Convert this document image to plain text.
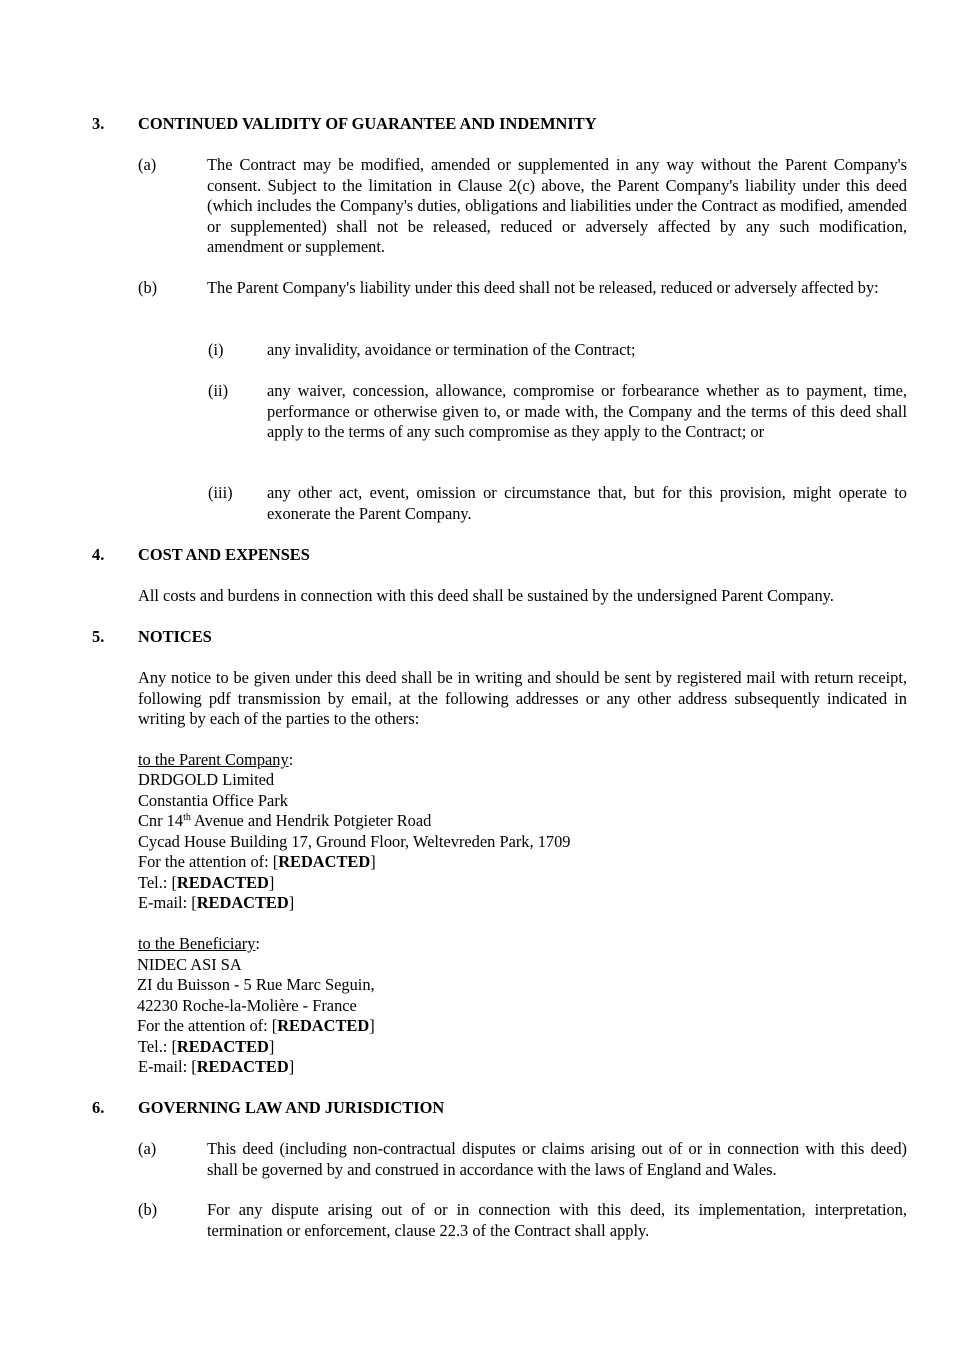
3. CONTINUED VALIDITY OF GUARANTEE AND INDEMNITY
(a)	The Contract may be modified, amended or supplemented in any way without the Parent Company's consent. Subject to the limitation in Clause 2(c) above, the Parent Company's liability under this deed (which includes the Company's duties, obligations and liabilities under the Contract as modified, amended or supplemented) shall not be released, reduced or adversely affected by any such modification, amendment or supplement.
(b)	The Parent Company's liability under this deed shall not be released, reduced or adversely affected by:
(i)	any invalidity, avoidance or termination of the Contract;
(ii) any waiver, concession, allowance, compromise or forbearance whether as to payment, time, performance or otherwise given to, or made with, the Company and the terms of this deed shall apply to the terms of any such compromise as they apply to the Contract; or
(iii) any other act, event, omission or circumstance that, but for this provision, might operate to exonerate the Parent Company.
4. COST AND EXPENSES
All costs and burdens in connection with this deed shall be sustained by the undersigned Parent Company.
5. NOTICES
Any notice to be given under this deed shall be in writing and should be sent by registered mail with return receipt, following pdf transmission by email, at the following addresses or any other address subsequently indicated in writing by each of the parties to the others:
to the Parent Company:
DRDGOLD Limited
Constantia Office Park
Cnr 14th Avenue and Hendrik Potgieter Road
Cycad House Building 17, Ground Floor, Weltevreden Park, 1709
For the attention of: [REDACTED]
Tel.: [REDACTED]
E-mail: [REDACTED]
to the Beneficiary:
NIDEC ASI SA
ZI du Buisson - 5 Rue Marc Seguin,
42230 Roche-la-Molière - France
For the attention of: [REDACTED]
Tel.: [REDACTED]
E-mail: [REDACTED]
6. GOVERNING LAW AND JURISDICTION
(a)	This deed (including non-contractual disputes or claims arising out of or in connection with this deed) shall be governed by and construed in accordance with the laws of England and Wales.
(b)	For any dispute arising out of or in connection with this deed, its implementation, interpretation, termination or enforcement, clause 22.3 of the Contract shall apply.
